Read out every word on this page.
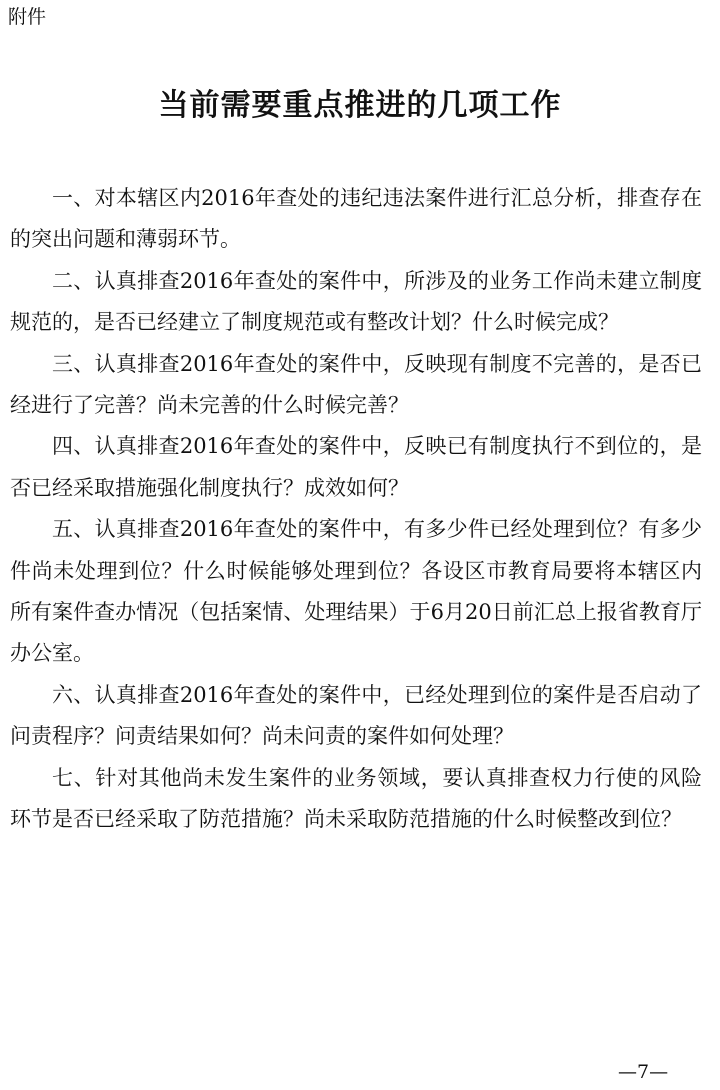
附件
当前需要重点推进的几项工作

一、对本辖区内2016年查处的违纪违法案件进行汇总分析，排查存在的突出问题和薄弱环节。

二、认真排查2016年查处的案件中，所涉及的业务工作尚未建立制度规范的，是否已经建立了制度规范或有整改计划？什么时候完成？

三、认真排查2016年查处的案件中，反映现有制度不完善的，是否已经进行了完善？尚未完善的什么时候完善？

四、认真排查2016年查处的案件中，反映已有制度执行不到位的，是否已经采取措施强化制度执行？成效如何？

五、认真排查2016年查处的案件中，有多少件已经处理到位？有多少件尚未处理到位？什么时候能够处理到位？各设区市教育局要将本辖区内所有案件查办情况（包括案情、处理结果）于6月20日前汇总上报省教育厅办公室。

六、认真排查2016年查处的案件中，已经处理到位的案件是否启动了问责程序？问责结果如何？尚未问责的案件如何处理？

七、针对其他尚未发生案件的业务领域，要认真排查权力行使的风险环节是否已经采取了防范措施？尚未采取防范措施的什么时候整改到位？

—7—
